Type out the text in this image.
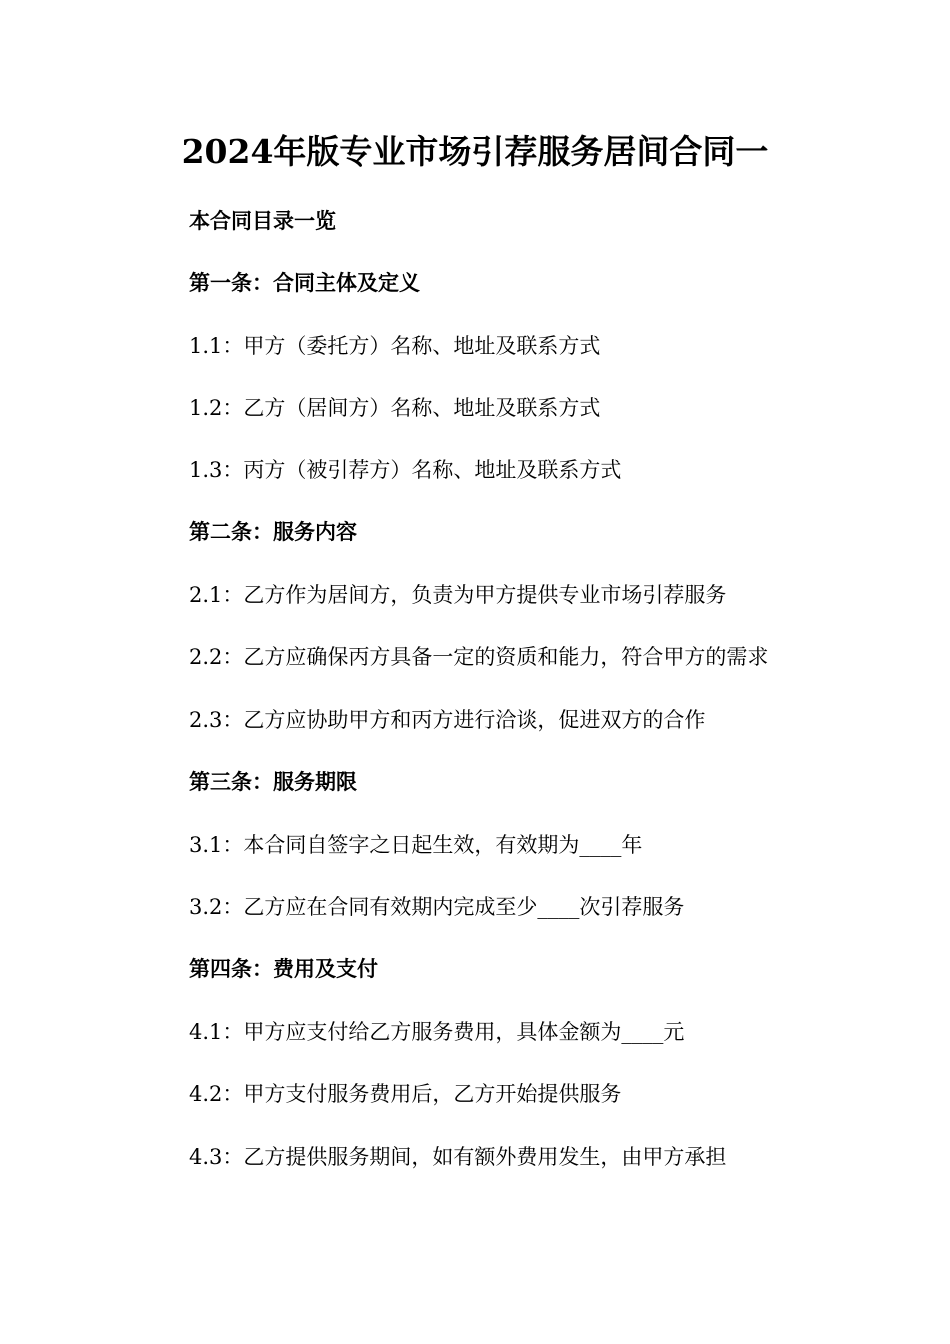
2024年版专业市场引荐服务居间合同一
本合同目录一览
第一条：合同主体及定义
1.1：甲方（委托方）名称、地址及联系方式
1.2：乙方（居间方）名称、地址及联系方式
1.3：丙方（被引荐方）名称、地址及联系方式
第二条：服务内容
2.1：乙方作为居间方，负责为甲方提供专业市场引荐服务
2.2：乙方应确保丙方具备一定的资质和能力，符合甲方的需求
2.3：乙方应协助甲方和丙方进行洽谈，促进双方的合作
第三条：服务期限
3.1：本合同自签字之日起生效，有效期为____年
3.2：乙方应在合同有效期内完成至少____次引荐服务
第四条：费用及支付
4.1：甲方应支付给乙方服务费用，具体金额为____元
4.2：甲方支付服务费用后，乙方开始提供服务
4.3：乙方提供服务期间，如有额外费用发生，由甲方承担
